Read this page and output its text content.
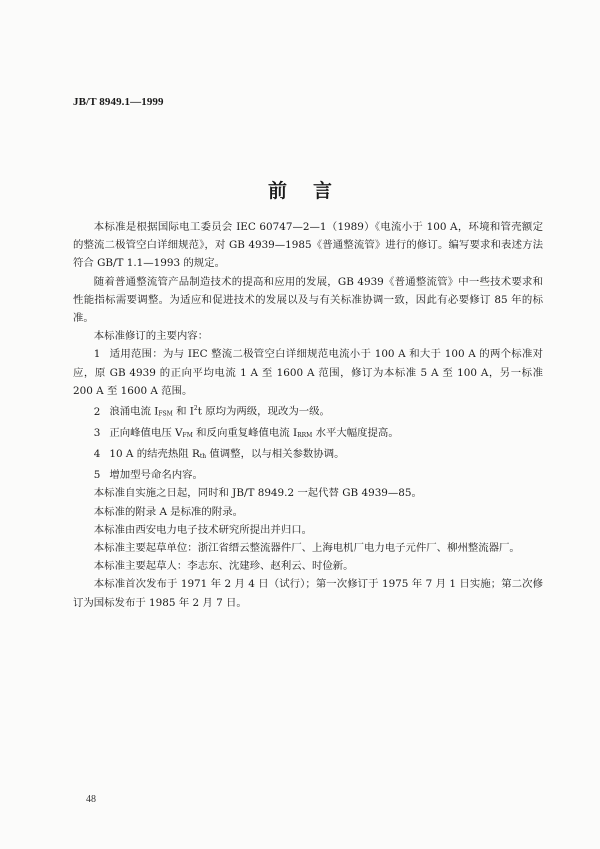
JB/T 8949.1—1999
前言

本标准是根据国际电工委员会 IEC 60747—2—1（1989）《电流小于 100 A，环境和管壳额定的整流二极管空白详细规范》，对 GB 4939—1985《普通整流管》进行的修订。编写要求和表述方法符合 GB/T 1.1—1993 的规定。

随着普通整流管产品制造技术的提高和应用的发展，GB 4939《普通整流管》中一些技术要求和性能指标需要调整。为适应和促进技术的发展以及与有关标准协调一致，因此有必要修订 85 年的标准。

本标准修订的主要内容：

1 适用范围：为与 IEC 整流二极管空白详细规范电流小于 100 A 和大于 100 A 的两个标准对应，原 GB 4939 的正向平均电流 1 A 至 1600 A 范围，修订为本标准 5 A 至 100 A，另一标准 200 A 至 1600 A 范围。

2 浪涌电流 $I_{FSM}$ 和 $I^2t$ 原均为两级，现改为一级。

3 正向峰值电压 $V_{FM}$ 和反向重复峰值电流 $I_{RRM}$ 水平大幅度提高。

4 10 A 的结壳热阻 $R_{th}$ 值调整，以与相关参数协调。

5 增加型号命名内容。

本标准自实施之日起，同时和 JB/T 8949.2 一起代替 GB 4939—85。

本标准的附录 A 是标准的附录。

本标准由西安电力电子技术研究所提出并归口。

本标准主要起草单位：浙江省缙云整流器件厂、上海电机厂电力电子元件厂、柳州整流器厂。

本标准主要起草人：李志东、沈建珍、赵利云、时俭新。

本标准首次发布于 1971 年 2 月 4 日（试行）；第一次修订于 1975 年 7 月 1 日实施；第二次修订为国标发布于 1985 年 2 月 7 日。

48
